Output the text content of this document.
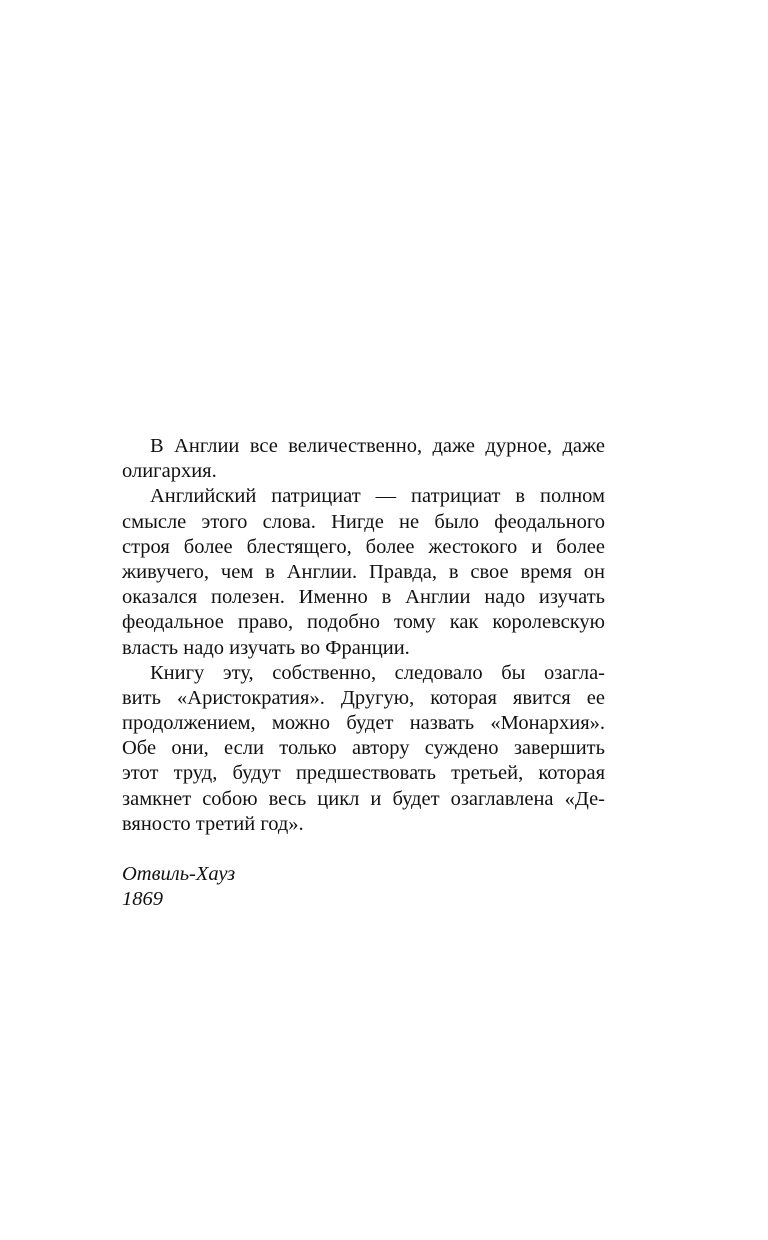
В Англии все величественно, даже дурное, даже
олигархия.
Английский патрициат — патрициат в полном
смысле этого слова. Нигде не было феодального
строя более блестящего, более жестокого и более
живучего, чем в Англии. Правда, в свое время он
оказался полезен. Именно в Англии надо изучать
феодальное право, подобно тому как королевскую
власть надо изучать во Франции.
Книгу эту, собственно, следовало бы озагла-
вить «Аристократия». Другую, которая явится ее
продолжением, можно будет назвать «Монархия».
Обе они, если только автору суждено завершить
этот труд, будут предшествовать третьей, которая
замкнет собою весь цикл и будет озаглавлена «Де-
вяносто третий год».
Отвиль-Хауз
1869
